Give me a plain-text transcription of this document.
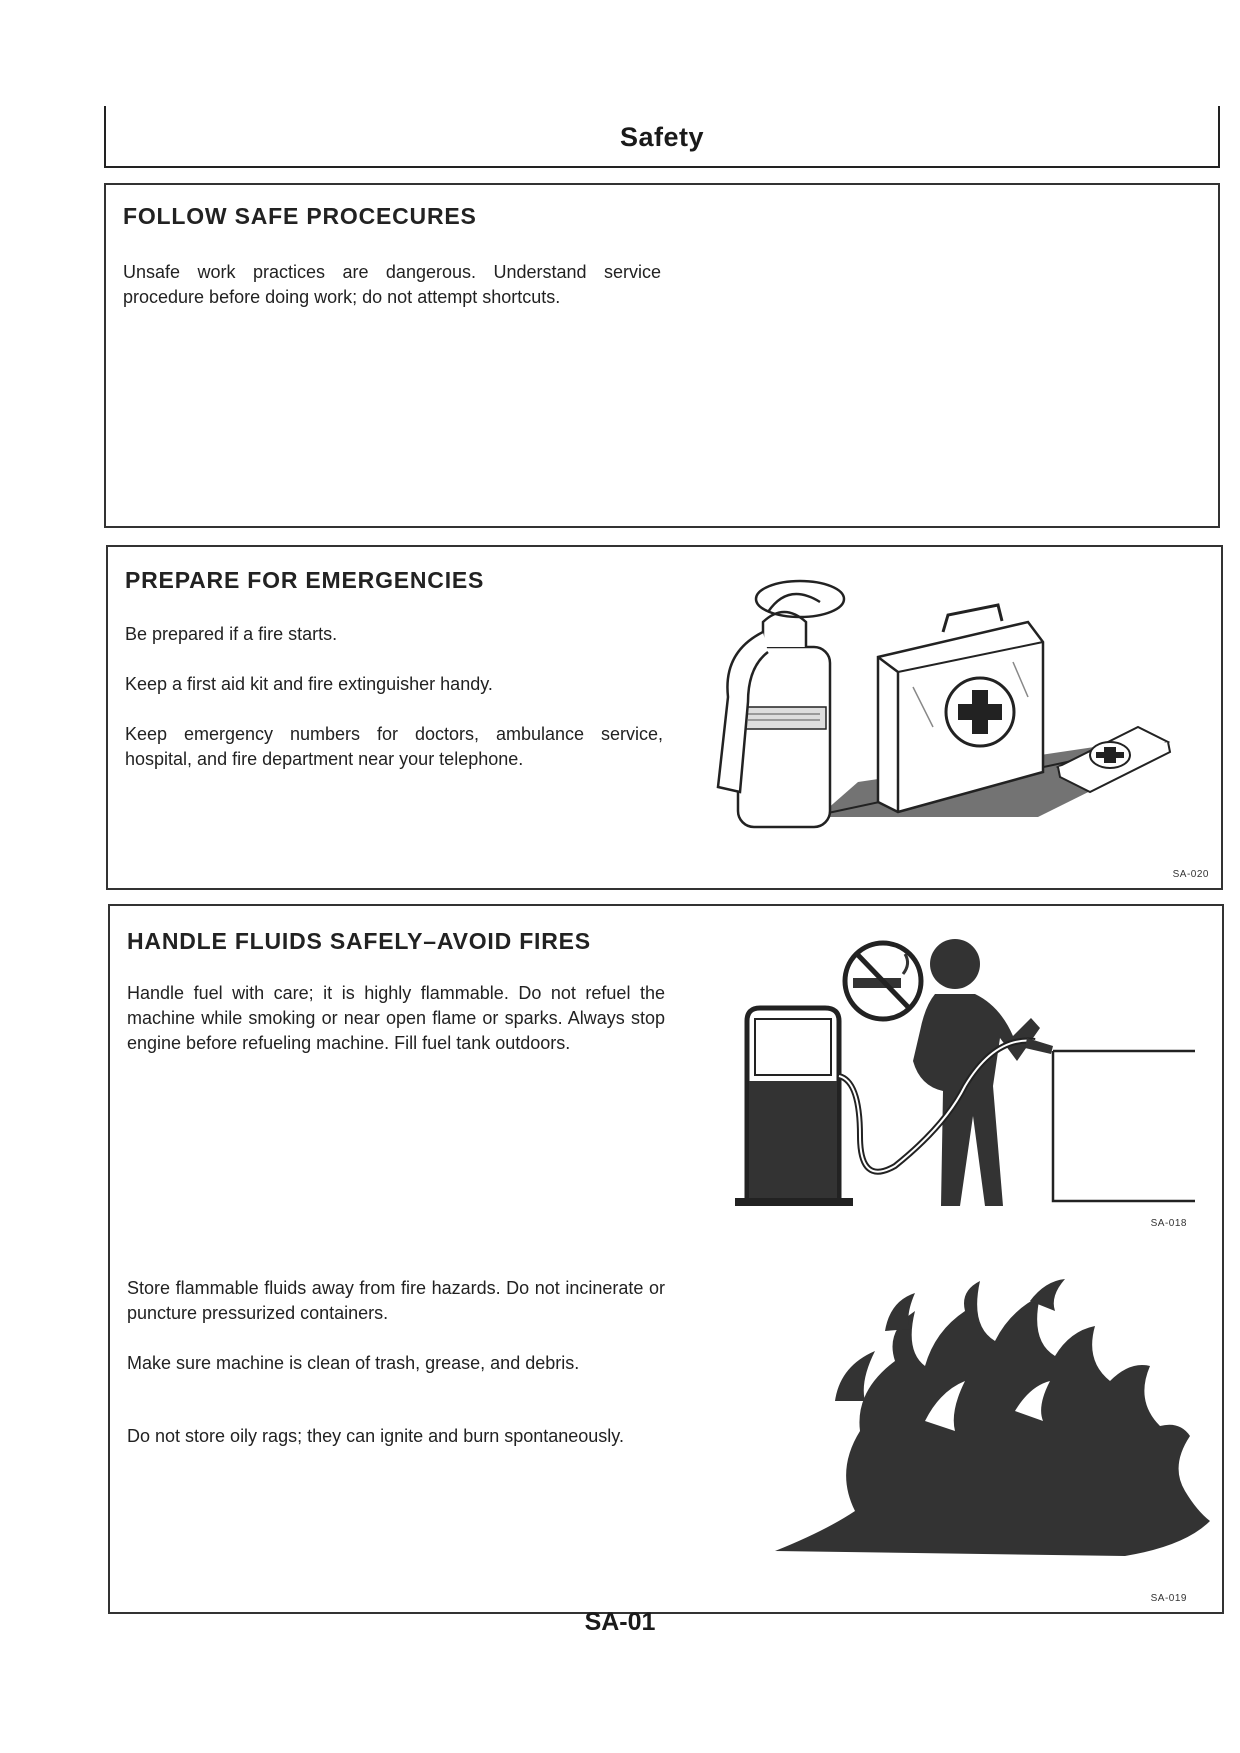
Safety
FOLLOW SAFE PROCECURES
Unsafe work practices are dangerous. Understand service procedure before doing work; do not attempt shortcuts.
PREPARE FOR EMERGENCIES
Be prepared if a fire starts.
Keep a first aid kit and fire extinguisher handy.
Keep emergency numbers for doctors, ambulance service, hospital, and fire department near your telephone.
SA-020
HANDLE FLUIDS SAFELY–AVOID FIRES
Handle fuel with care; it is highly flammable. Do not refuel the machine while smoking or near open flame or sparks. Always stop engine before refueling machine. Fill fuel tank outdoors.
Store flammable fluids away from fire hazards. Do not incinerate or puncture pressurized containers.
Make sure machine is clean of trash, grease, and debris.
Do not store oily rags; they can ignite and burn spontaneously.
SA-018
SA-019
SA-01
